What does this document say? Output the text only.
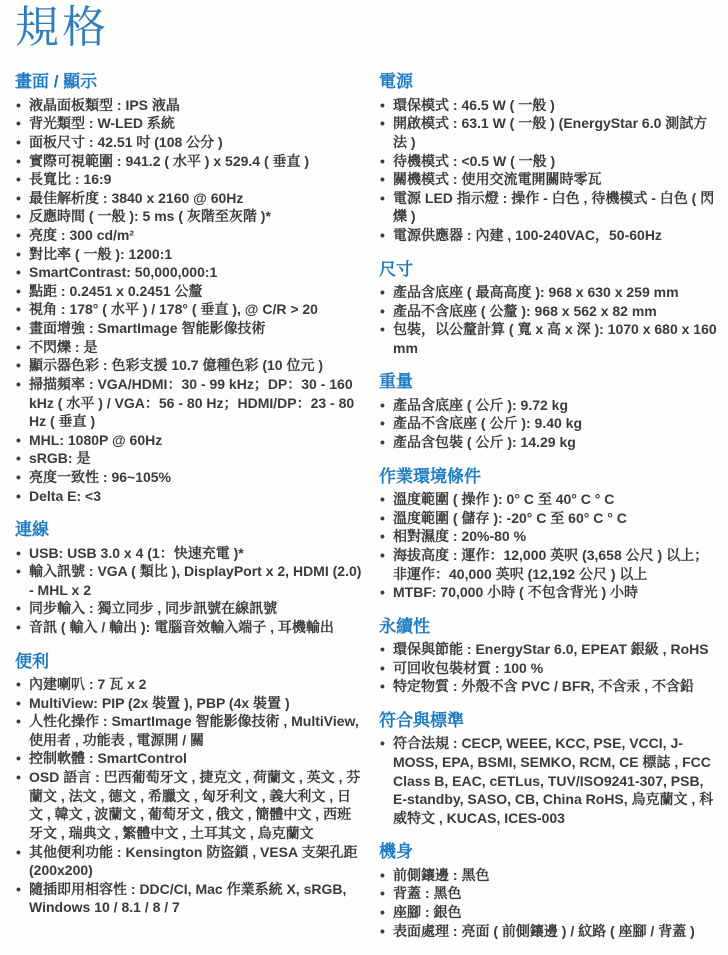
規格
畫面 / 顯示
• 液晶面板類型 : IPS 液晶
• 背光類型 : W-LED 系統
• 面板尺寸 : 42.51 吋 (108 公分 )
• 實際可視範圍 : 941.2 ( 水平 ) x 529.4 ( 垂直 )
• 長寬比 : 16:9
• 最佳解析度 : 3840 x 2160 @ 60Hz
• 反應時間 ( 一般 ): 5 ms ( 灰階至灰階 )*
• 亮度 : 300 cd/m²
• 對比率 ( 一般 ): 1200:1
• SmartContrast: 50,000,000:1
• 點距 : 0.2451 x 0.2451 公釐
• 視角 : 178° ( 水平 ) / 178° ( 垂直 ), @ C/R > 20
• 畫面增強 : SmartImage 智能影像技術
• 不閃爍 : 是
• 顯示器色彩 : 色彩支援 10.7 億種色彩 (10 位元 )
• 掃描頻率 : VGA/HDMI：30 - 99 kHz；DP：30 - 160 kHz ( 水平 ) / VGA：56 - 80 Hz；HDMI/DP：23 - 80 Hz ( 垂直 )
• MHL: 1080P @ 60Hz
• sRGB: 是
• 亮度一致性 : 96~105%
• Delta E: <3
連線
• USB: USB 3.0 x 4 (1：快速充電 )*
• 輸入訊號 : VGA ( 類比 ), DisplayPort x 2, HDMI (2.0) - MHL x 2
• 同步輸入 : 獨立同步 , 同步訊號在線訊號
• 音訊 ( 輸入 / 輸出 ): 電腦音效輸入端子 , 耳機輸出
便利
• 內建喇叭 : 7 瓦 x 2
• MultiView: PIP (2x 裝置 ), PBP (4x 裝置 )
• 人性化操作 : SmartImage 智能影像技術 , MultiView, 使用者 , 功能表 , 電源開 / 關
• 控制軟體 : SmartControl
• OSD 語言 : 巴西葡萄牙文 , 捷克文 , 荷蘭文 , 英文 , 芬蘭文 , 法文 , 德文 , 希臘文 , 匈牙利文 , 義大利文 , 日文 , 韓文 , 波蘭文 , 葡萄牙文 , 俄文 , 簡體中文 , 西班牙文 , 瑞典文 , 繁體中文 , 土耳其文 , 烏克蘭文
• 其他便利功能 : Kensington 防盜鎖 , VESA 支架孔距 (200x200)
• 隨插即用相容性 : DDC/CI, Mac 作業系統 X, sRGB, Windows 10 / 8.1 / 8 / 7
電源
• 環保模式 : 46.5 W ( 一般 )
• 開啟模式 : 63.1 W ( 一般 ) (EnergyStar 6.0 測試方法 )
• 待機模式 : <0.5 W ( 一般 )
• 關機模式 : 使用交流電開關時零瓦
• 電源 LED 指示燈 : 操作 - 白色 , 待機模式 - 白色 ( 閃爍 )
• 電源供應器 : 內建 , 100-240VAC，50-60Hz
尺寸
• 產品含底座 ( 最高高度 ): 968 x 630 x 259 mm
• 產品不含底座 ( 公釐 ): 968 x 562 x 82 mm
• 包裝，以公釐計算 ( 寬 x 高 x 深 ): 1070 x 680 x 160 mm
重量
• 產品含底座 ( 公斤 ): 9.72 kg
• 產品不含底座 ( 公斤 ): 9.40 kg
• 產品含包裝 ( 公斤 ): 14.29 kg
作業環境條件
• 溫度範圍 ( 操作 ): 0° C 至 40° C ° C
• 溫度範圍 ( 儲存 ): -20° C 至 60° C ° C
• 相對濕度 : 20%-80 %
• 海拔高度 : 運作：12,000 英呎 (3,658 公尺 ) 以上；非運作：40,000 英呎 (12,192 公尺 ) 以上
• MTBF: 70,000 小時 ( 不包含背光 ) 小時
永續性
• 環保與節能 : EnergyStar 6.0, EPEAT 銀級 , RoHS
• 可回收包裝材質 : 100 %
• 特定物質 : 外殼不含 PVC / BFR, 不含汞 , 不含鉛
符合與標準
• 符合法規 : CECP, WEEE, KCC, PSE, VCCI, J-MOSS, EPA, BSMI, SEMKO, RCM, CE 標誌 , FCC Class B, EAC, cETLus, TUV/ISO9241-307, PSB, E-standby, SASO, CB, China RoHS, 烏克蘭文 , 科威特文 , KUCAS, ICES-003
機身
• 前側鑲邊 : 黑色
• 背蓋 : 黑色
• 座腳 : 銀色
• 表面處理 : 亮面 ( 前側鑲邊 ) / 紋路 ( 座腳 / 背蓋 )
